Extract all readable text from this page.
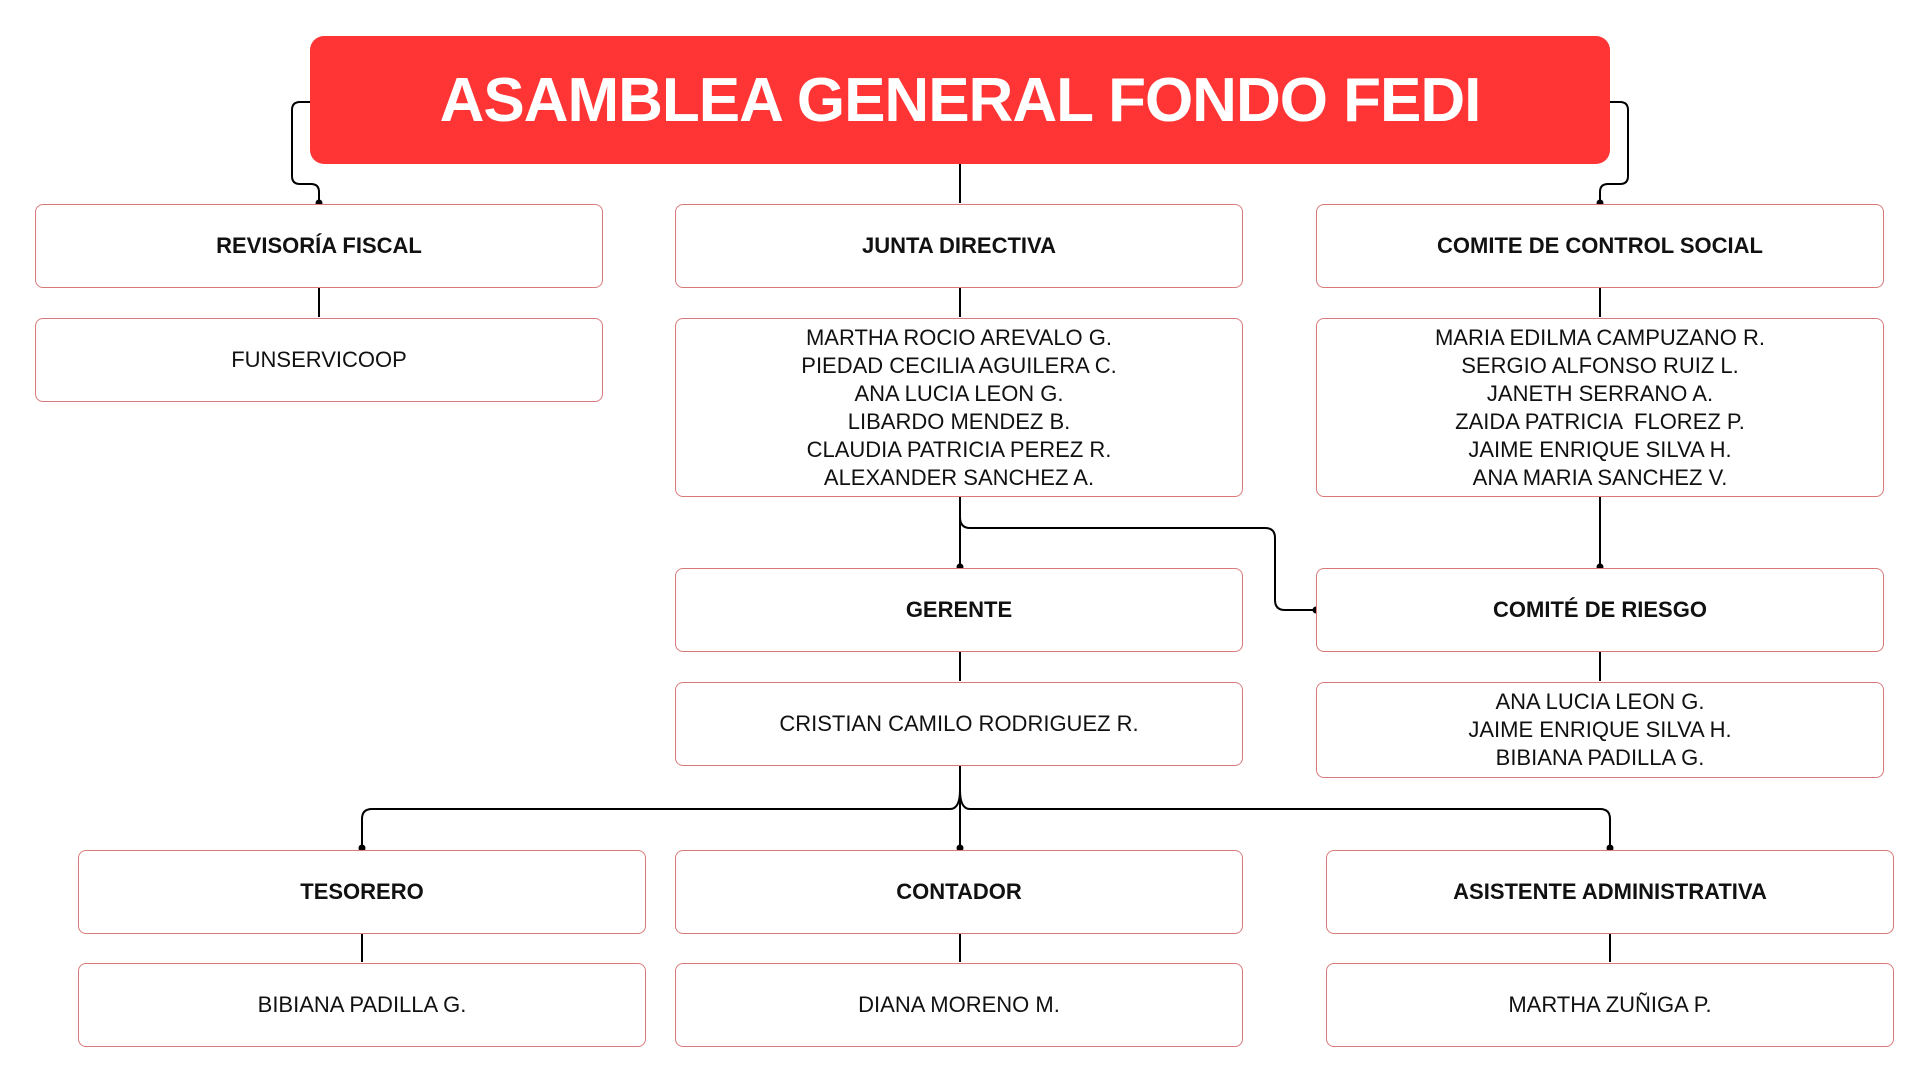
ASAMBLEA GENERAL FONDO FEDI
REVISORÍA FISCAL	JUNTA DIRECTIVA	COMITE DE CONTROL SOCIAL
FUNSERVICOOP
MARTHA ROCIO AREVALO G.
PIEDAD CECILIA AGUILERA C.
ANA LUCIA LEON G.
LIBARDO MENDEZ B.
CLAUDIA PATRICIA PEREZ R.
ALEXANDER SANCHEZ A.
MARIA EDILMA CAMPUZANO R.
SERGIO ALFONSO RUIZ L.
JANETH SERRANO A.
ZAIDA PATRICIA  FLOREZ P.
JAIME ENRIQUE SILVA H.
ANA MARIA SANCHEZ V.
GERENTE	COMITÉ DE RIESGO
CRISTIAN CAMILO RODRIGUEZ R.
ANA LUCIA LEON G.
JAIME ENRIQUE SILVA H.
BIBIANA PADILLA G.
TESORERO	CONTADOR	ASISTENTE ADMINISTRATIVA
BIBIANA PADILLA G.	DIANA MORENO M.	MARTHA ZUÑIGA P.
